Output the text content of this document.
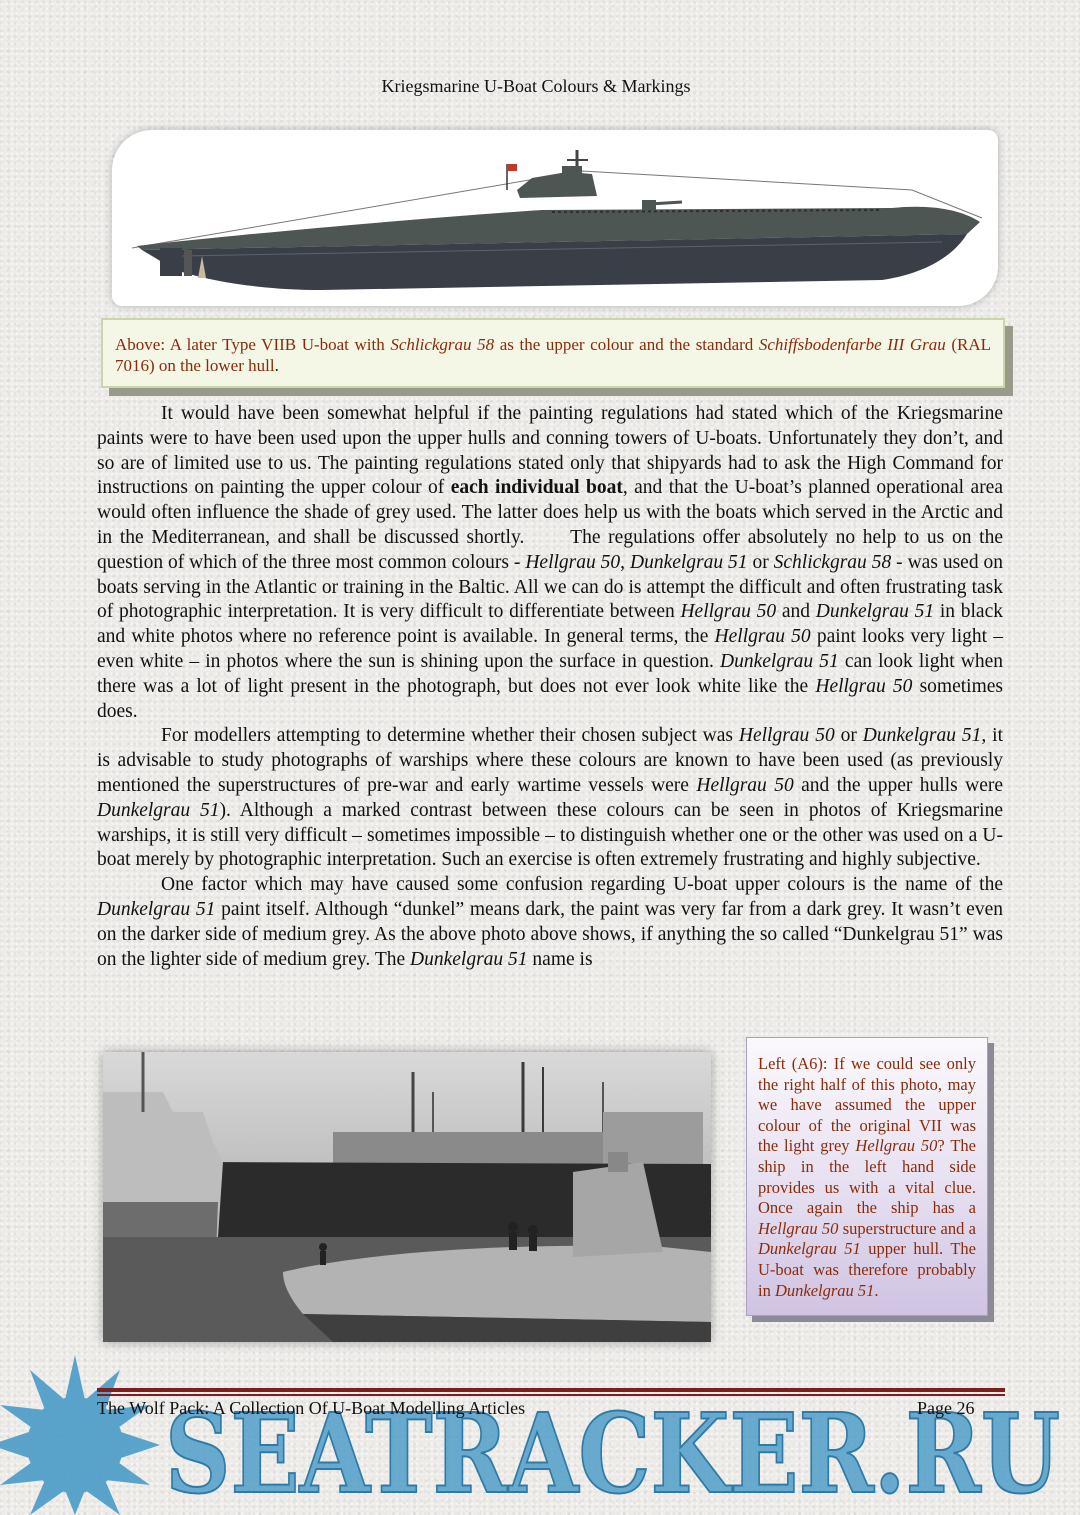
Kriegsmarine U-Boat Colours & Markings
Above: A later Type VIIB U-boat with Schlickgrau 58 as the upper colour and the standard Schiffsbodenfarbe III Grau (RAL 7016) on the lower hull.

It would have been somewhat helpful if the painting regulations had stated which of the Kriegsmarine paints were to have been used upon the upper hulls and conning towers of U-boats. Unfortunately they don’t, and so are of limited use to us. The painting regulations stated only that shipyards had to ask the High Command for instructions on painting the upper colour of each individual boat, and that the U-boat’s planned operational area would often influence the shade of grey used. The latter does help us with the boats which served in the Arctic and in the Mediterranean, and shall be discussed shortly.      The regulations offer absolutely no help to us on the question of which of the three most common colours - Hellgrau 50, Dunkelgrau 51 or Schlickgrau 58 - was used on boats serving in the Atlantic or training in the Baltic. All we can do is attempt the difficult and often frustrating task of photographic interpretation. It is very difficult to differentiate between Hellgrau 50 and Dunkelgrau 51 in black and white photos where no reference point is available. In general terms, the Hellgrau 50 paint looks very light – even white – in photos where the sun is shining upon the surface in question. Dunkelgrau 51 can look light when there was a lot of light present in the photograph, but does not ever look white like the Hellgrau 50 sometimes does.

For modellers attempting to determine whether their chosen subject was Hellgrau 50 or Dunkelgrau 51, it is advisable to study photographs of warships where these colours are known to have been used (as previously mentioned the superstructures of pre-war and early wartime vessels were Hellgrau 50 and the upper hulls were Dunkelgrau 51). Although a marked contrast between these colours can be seen in photos of Kriegsmarine warships, it is still very difficult – sometimes impossible – to distinguish whether one or the other was used on a U-boat merely by photographic interpretation. Such an exercise is often extremely frustrating and highly subjective.

One factor which may have caused some confusion regarding U-boat upper colours is the name of the Dunkelgrau 51 paint itself. Although “dunkel” means dark, the paint was very far from a dark grey. It wasn’t even on the darker side of medium grey. As the above photo above shows, if anything the so called “Dunkelgrau 51” was on the lighter side of medium grey. The Dunkelgrau 51 name is

Left (A6): If we could see only the right half of this photo, may we have assumed the upper colour of the original VII was the light grey Hellgrau 50? The ship in the left hand side provides us with a vital clue. Once again the ship has a Hellgrau 50 superstructure and a Dunkelgrau 51 upper hull. The U-boat was therefore probably in Dunkelgrau 51.
SEATRACKER.RU
The Wolf Pack: A Collection Of U-Boat Modelling Articles	Page 26
